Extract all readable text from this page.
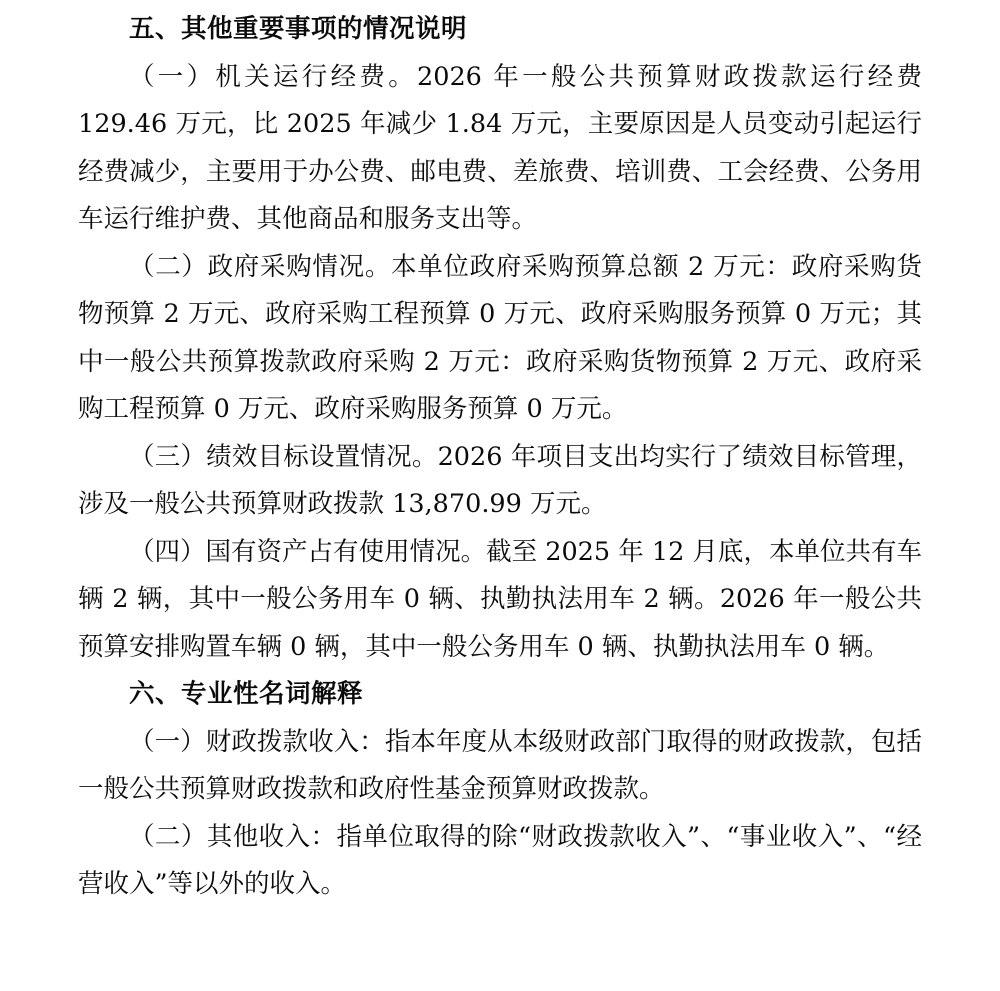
五、其他重要事项的情况说明

（一）机关运行经费。2026 年一般公共预算财政拨款运行经费 129.46 万元，比 2025 年减少 1.84 万元，主要原因是人员变动引起运行经费减少，主要用于办公费、邮电费、差旅费、培训费、工会经费、公务用车运行维护费、其他商品和服务支出等。

（二）政府采购情况。本单位政府采购预算总额 2 万元：政府采购货物预算 2 万元、政府采购工程预算 0 万元、政府采购服务预算 0 万元；其中一般公共预算拨款政府采购 2 万元：政府采购货物预算 2 万元、政府采购工程预算 0 万元、政府采购服务预算 0 万元。

（三）绩效目标设置情况。2026 年项目支出均实行了绩效目标管理，涉及一般公共预算财政拨款 13,870.99 万元。

（四）国有资产占有使用情况。截至 2025 年 12 月底，本单位共有车辆 2 辆，其中一般公务用车 0 辆、执勤执法用车 2 辆。2026 年一般公共预算安排购置车辆 0 辆，其中一般公务用车 0 辆、执勤执法用车 0 辆。

六、专业性名词解释

（一）财政拨款收入：指本年度从本级财政部门取得的财政拨款，包括一般公共预算财政拨款和政府性基金预算财政拨款。

（二）其他收入：指单位取得的除“财政拨款收入”、“事业收入”、“经营收入”等以外的收入。
